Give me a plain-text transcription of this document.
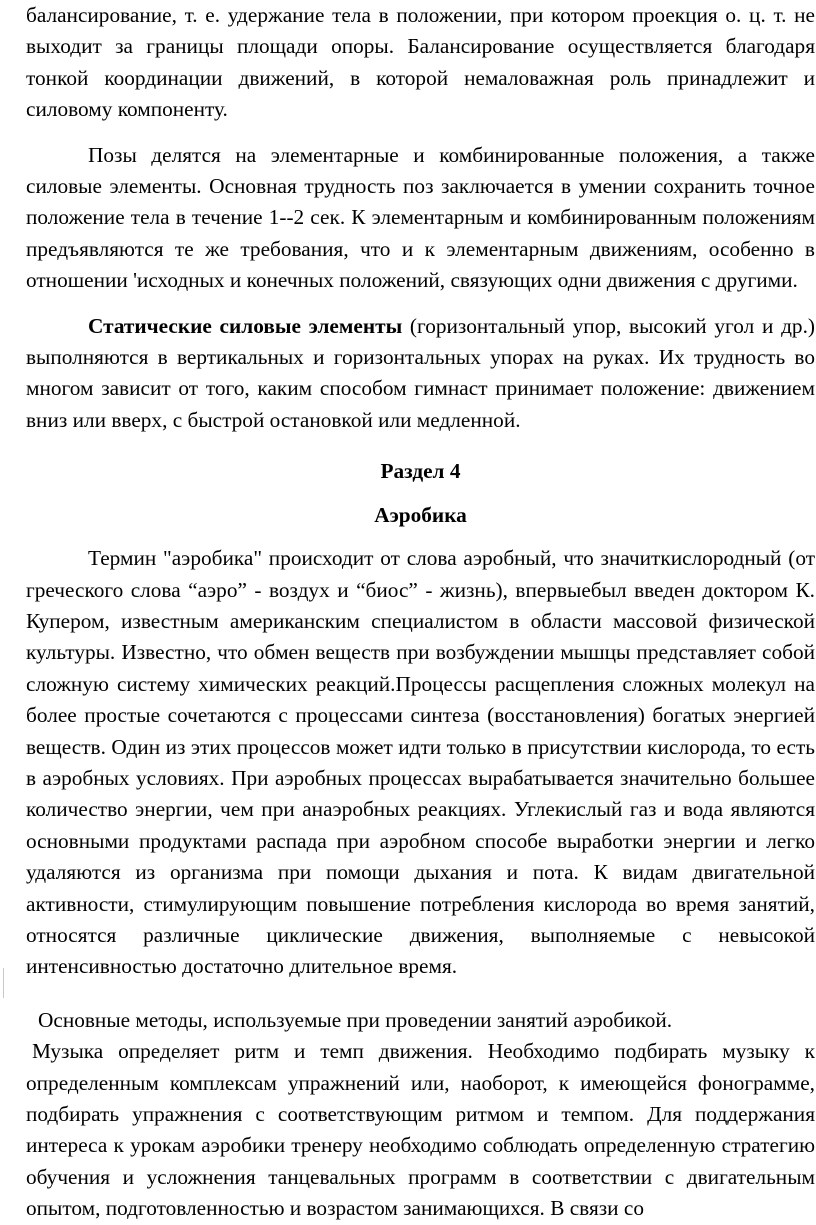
балансирование, т. е. удержание тела в положении, при котором проекция о. ц. т. не выходит за границы площади опоры. Балансирование осуществляется благодаря тонкой координации движений, в которой немаловажная роль принадлежит и силовому компоненту.

Позы делятся на элементарные и комбинированные положения, а также силовые элементы. Основная трудность поз заключается в умении сохранить точное положение тела в течение 1--2 сек. К элементарным и комбинированным положениям предъявляются те же требования, что и к элементарным движениям, особенно в отношении 'исходных и конечных положений, связующих одни движения с другими.

Статические силовые элементы (горизонтальный упор, высокий угол и др.) выполняются в вертикальных и горизонтальных упорах на руках. Их трудность во многом зависит от того, каким способом гимнаст принимает положение: движением вниз или вверх, с быстрой остановкой или медленной.

Раздел 4

Аэробика

Термин "аэробика" происходит от слова аэробный, что значиткислородный (от греческого слова “аэро” - воздух и “биос” - жизнь), впервыебыл введен доктором К. Купером, известным американским специалистом в области массовой физической культуры. Известно, что обмен веществ при возбуждении мышцы представляет собой сложную систему химических реакций.Процессы расщепления сложных молекул на более простые сочетаются с процессами синтеза (восстановления) богатых энергией веществ. Один из этих процессов может идти только в присутствии кислорода, то есть в аэробных условиях. При аэробных процессах вырабатывается значительно большее количество энергии, чем при анаэробных реакциях. Углекислый газ и вода являются основными продуктами распада при аэробном способе выработки энергии и легко удаляются из организма при помощи дыхания и пота. К видам двигательной активности, стимулирующим повышение потребления кислорода во время занятий, относятся различные циклические движения, выполняемые с невысокой интенсивностью достаточно длительное время.

Основные методы, используемые при проведении занятий аэробикой.

Музыка определяет ритм и темп движения. Необходимо подбирать музыку к определенным комплексам упражнений или, наоборот, к имеющейся фонограмме, подбирать упражнения с соответствующим ритмом и темпом. Для поддержания интереса к урокам аэробики тренеру необходимо соблюдать определенную стратегию обучения и усложнения танцевальных программ в соответствии с двигательным опытом, подготовленностью и возрастом занимающихся. В связи со
